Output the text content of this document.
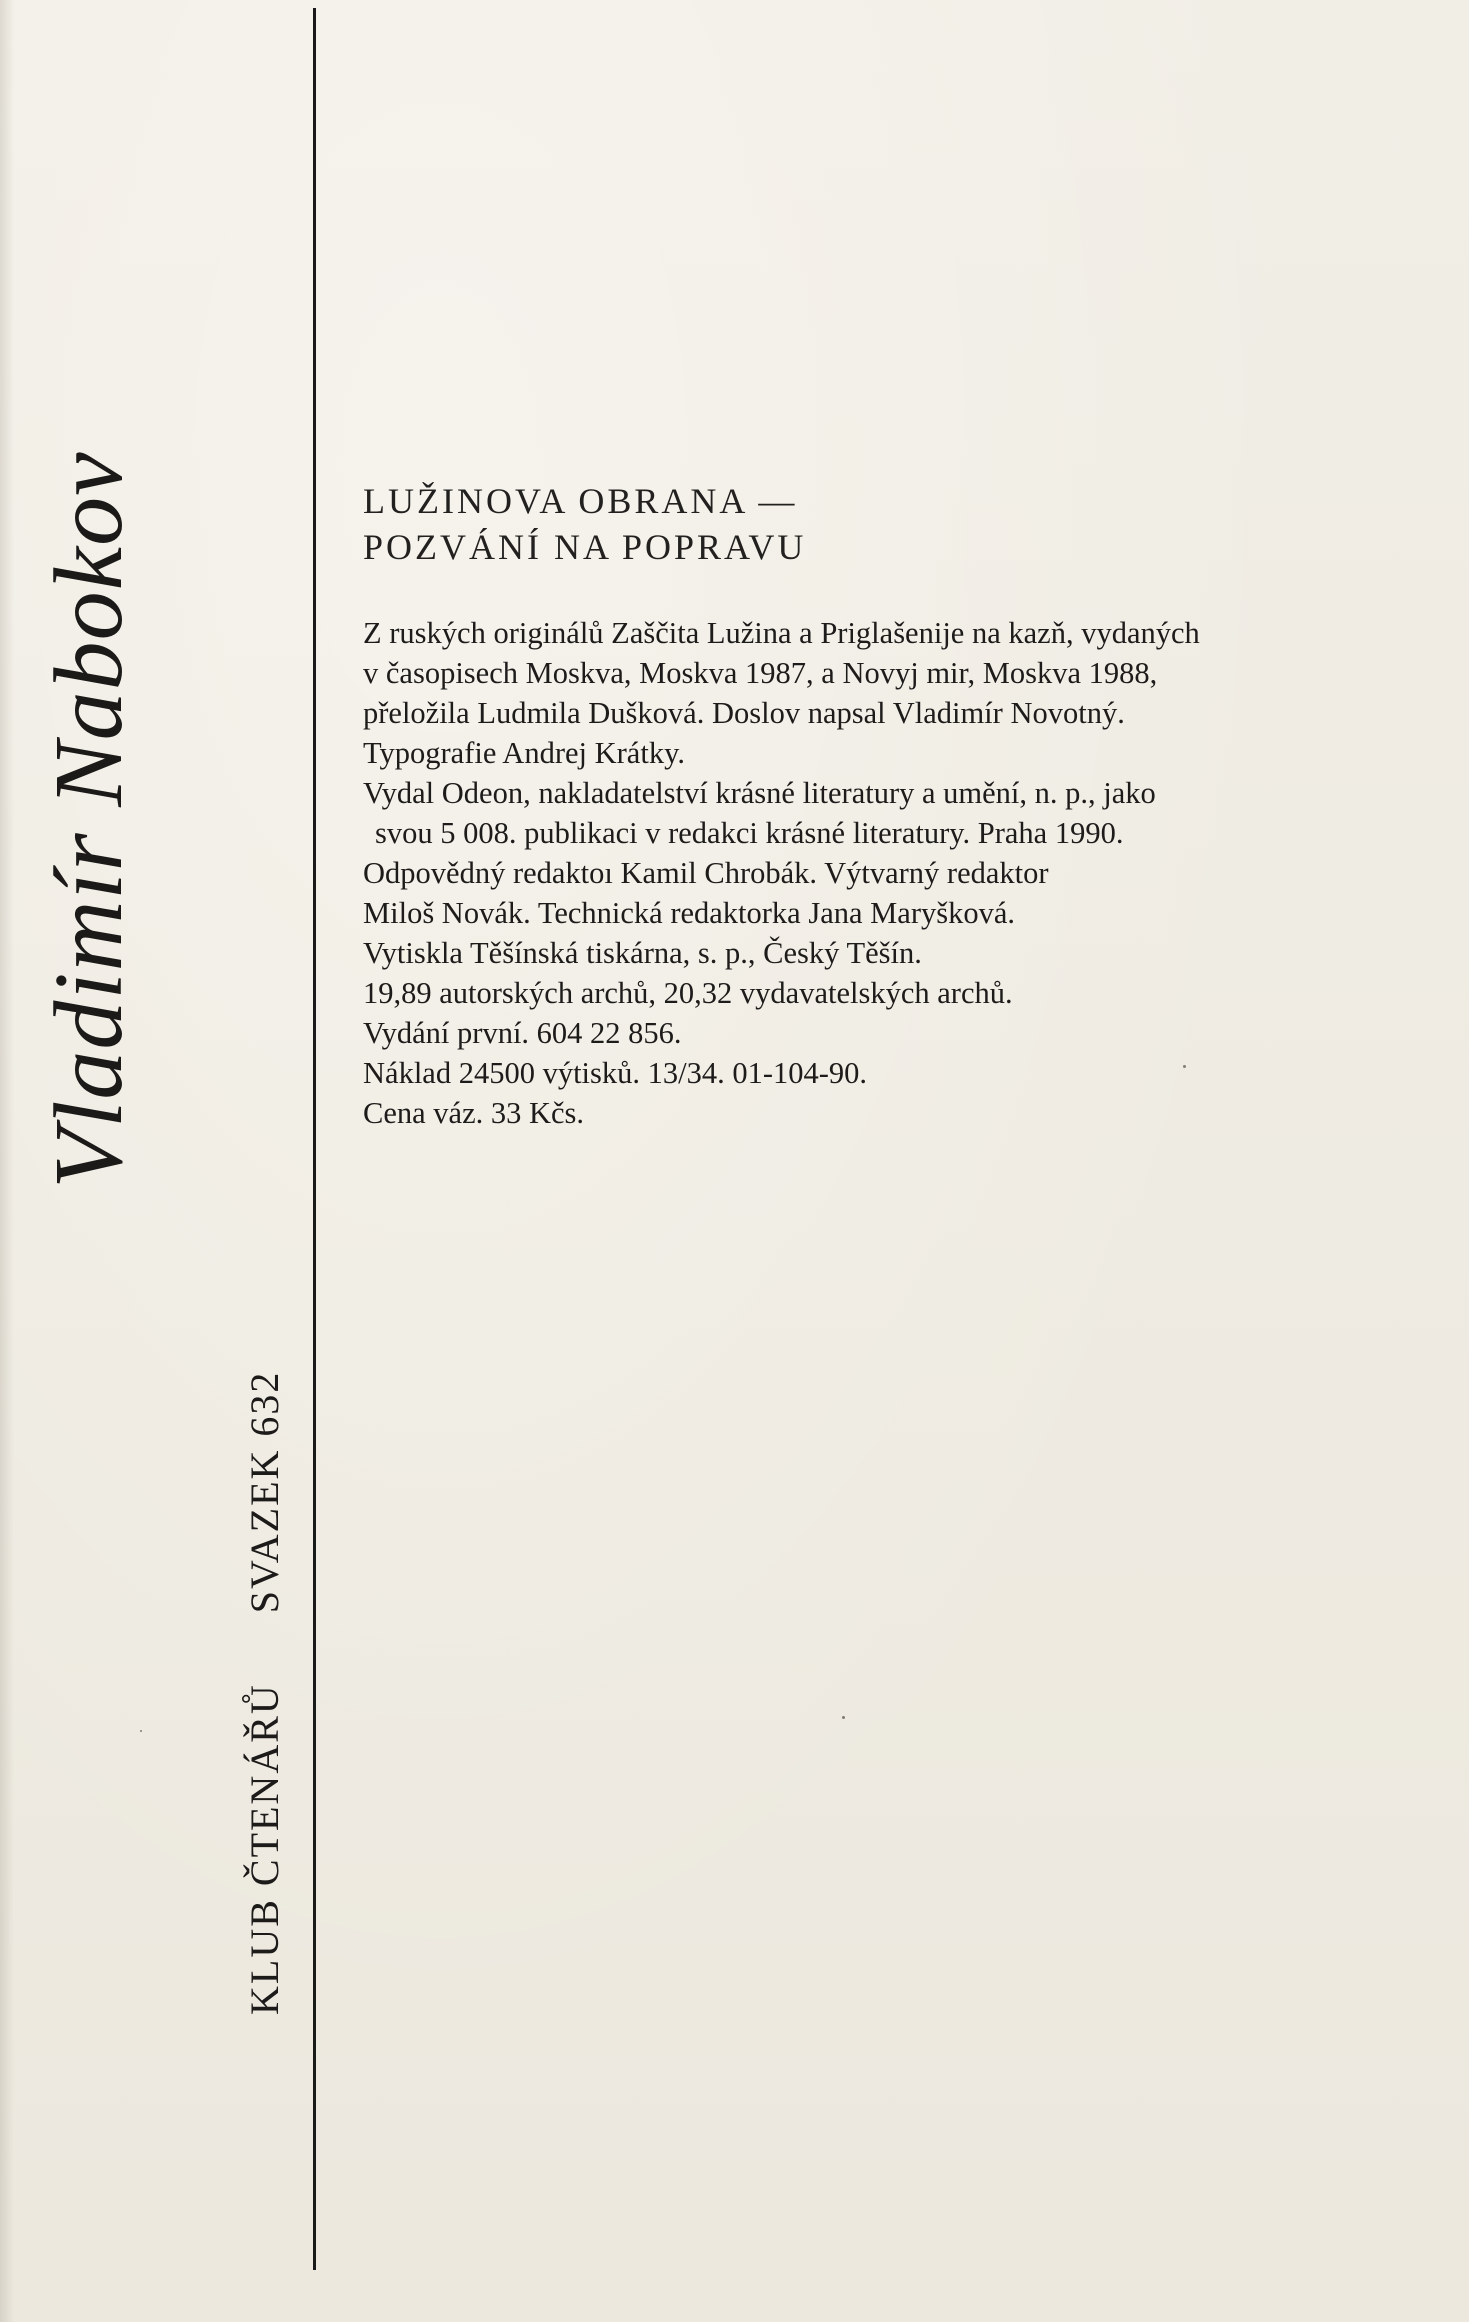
Vladimír Nabokov
KLUB ČTENÁŘŮSVAZEK 632
LUŽINOVA OBRANA —
POZVÁNÍ NA POPRAVU
Z ruských originálů Zaščita Lužina a Priglašenije na kazň, vydaných
v časopisech Moskva, Moskva 1987, a Novyj mir, Moskva 1988,
přeložila Ludmila Dušková. Doslov napsal Vladimír Novotný.
Typografie Andrej Krátky.
Vydal Odeon, nakladatelství krásné literatury a umění, n. p., jako
svou 5 008. publikaci v redakci krásné literatury. Praha 1990.
Odpovědný redaktoı Kamil Chrobák. Výtvarný redaktor
Miloš Novák. Technická redaktorka Jana Maryšková.
Vytiskla Těšínská tiskárna, s. p., Český Těšín.
19,89 autorských archů, 20,32 vydavatelských archů.
Vydání první. 604 22 856.
Náklad 24500 výtisků. 13/34. 01-104-90.
Cena váz. 33 Kčs.
